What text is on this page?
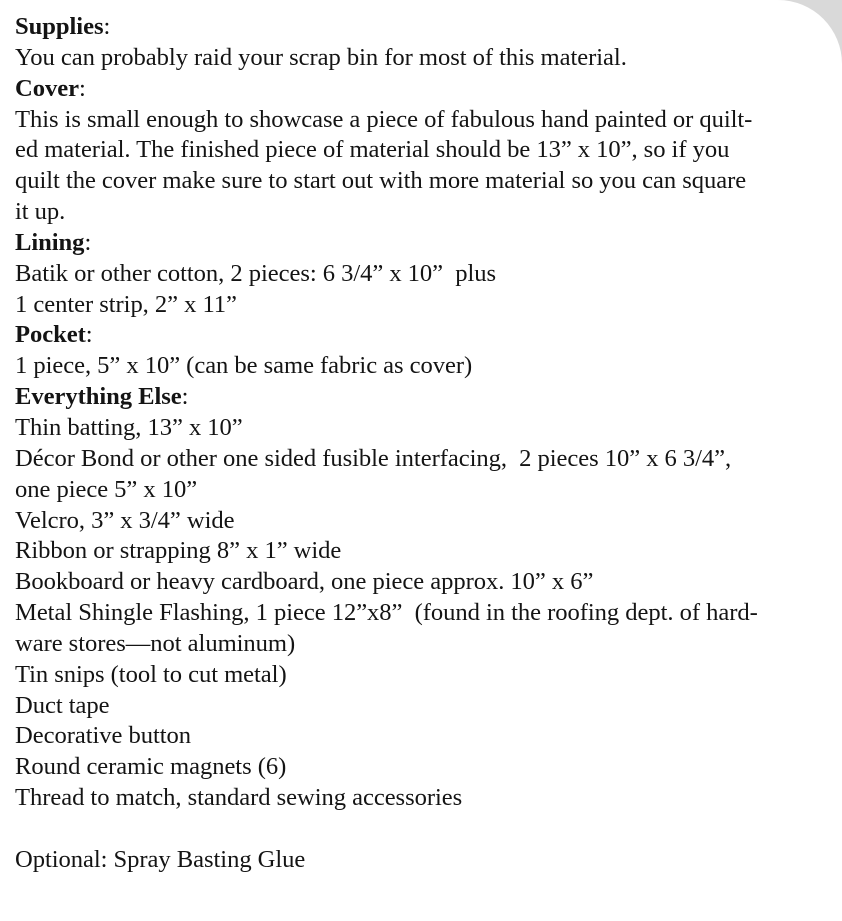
Supplies:
You can probably raid your scrap bin for most of this material.
Cover:
This is small enough to showcase a piece of fabulous hand painted or quilt-
ed material. The finished piece of material should be 13” x 10”, so if you
quilt the cover make sure to start out with more material so you can square
it up.
Lining:
Batik or other cotton, 2 pieces: 6 3/4” x 10”  plus
1 center strip, 2” x 11”
Pocket:
1 piece, 5” x 10” (can be same fabric as cover)
Everything Else:
Thin batting, 13” x 10”
Décor Bond or other one sided fusible interfacing,  2 pieces 10” x 6 3/4”,
one piece 5” x 10”
Velcro, 3” x 3/4” wide
Ribbon or strapping 8” x 1” wide
Bookboard or heavy cardboard, one piece approx. 10” x 6”
Metal Shingle Flashing, 1 piece 12”x8”  (found in the roofing dept. of hard-
ware stores—not aluminum)
Tin snips (tool to cut metal)
Duct tape
Decorative button
Round ceramic magnets (6)
Thread to match, standard sewing accessories
Optional: Spray Basting Glue
